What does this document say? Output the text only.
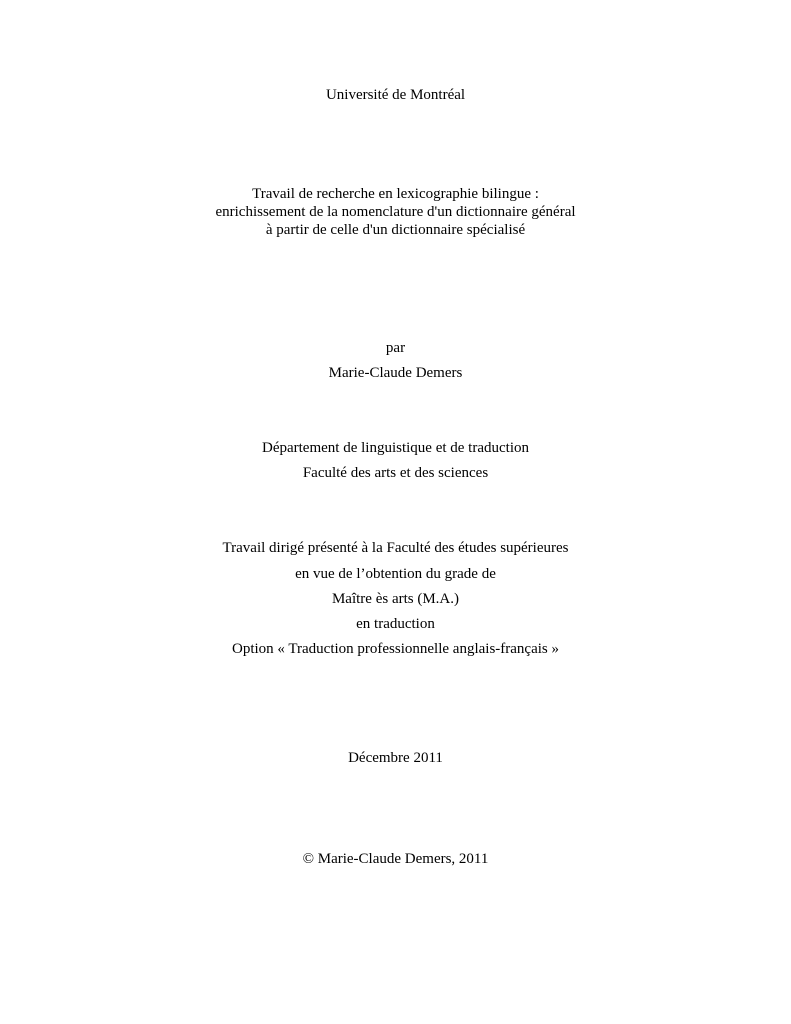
Université de Montréal
Travail de recherche en lexicographie bilingue :
enrichissement de la nomenclature d'un dictionnaire général
à partir de celle d'un dictionnaire spécialisé
par
Marie-Claude Demers
Département de linguistique et de traduction
Faculté des arts et des sciences
Travail dirigé présenté à la Faculté des études supérieures
en vue de l’obtention du grade de
Maître ès arts (M.A.)
en traduction
Option « Traduction professionnelle anglais-français »
Décembre 2011
© Marie-Claude Demers, 2011
